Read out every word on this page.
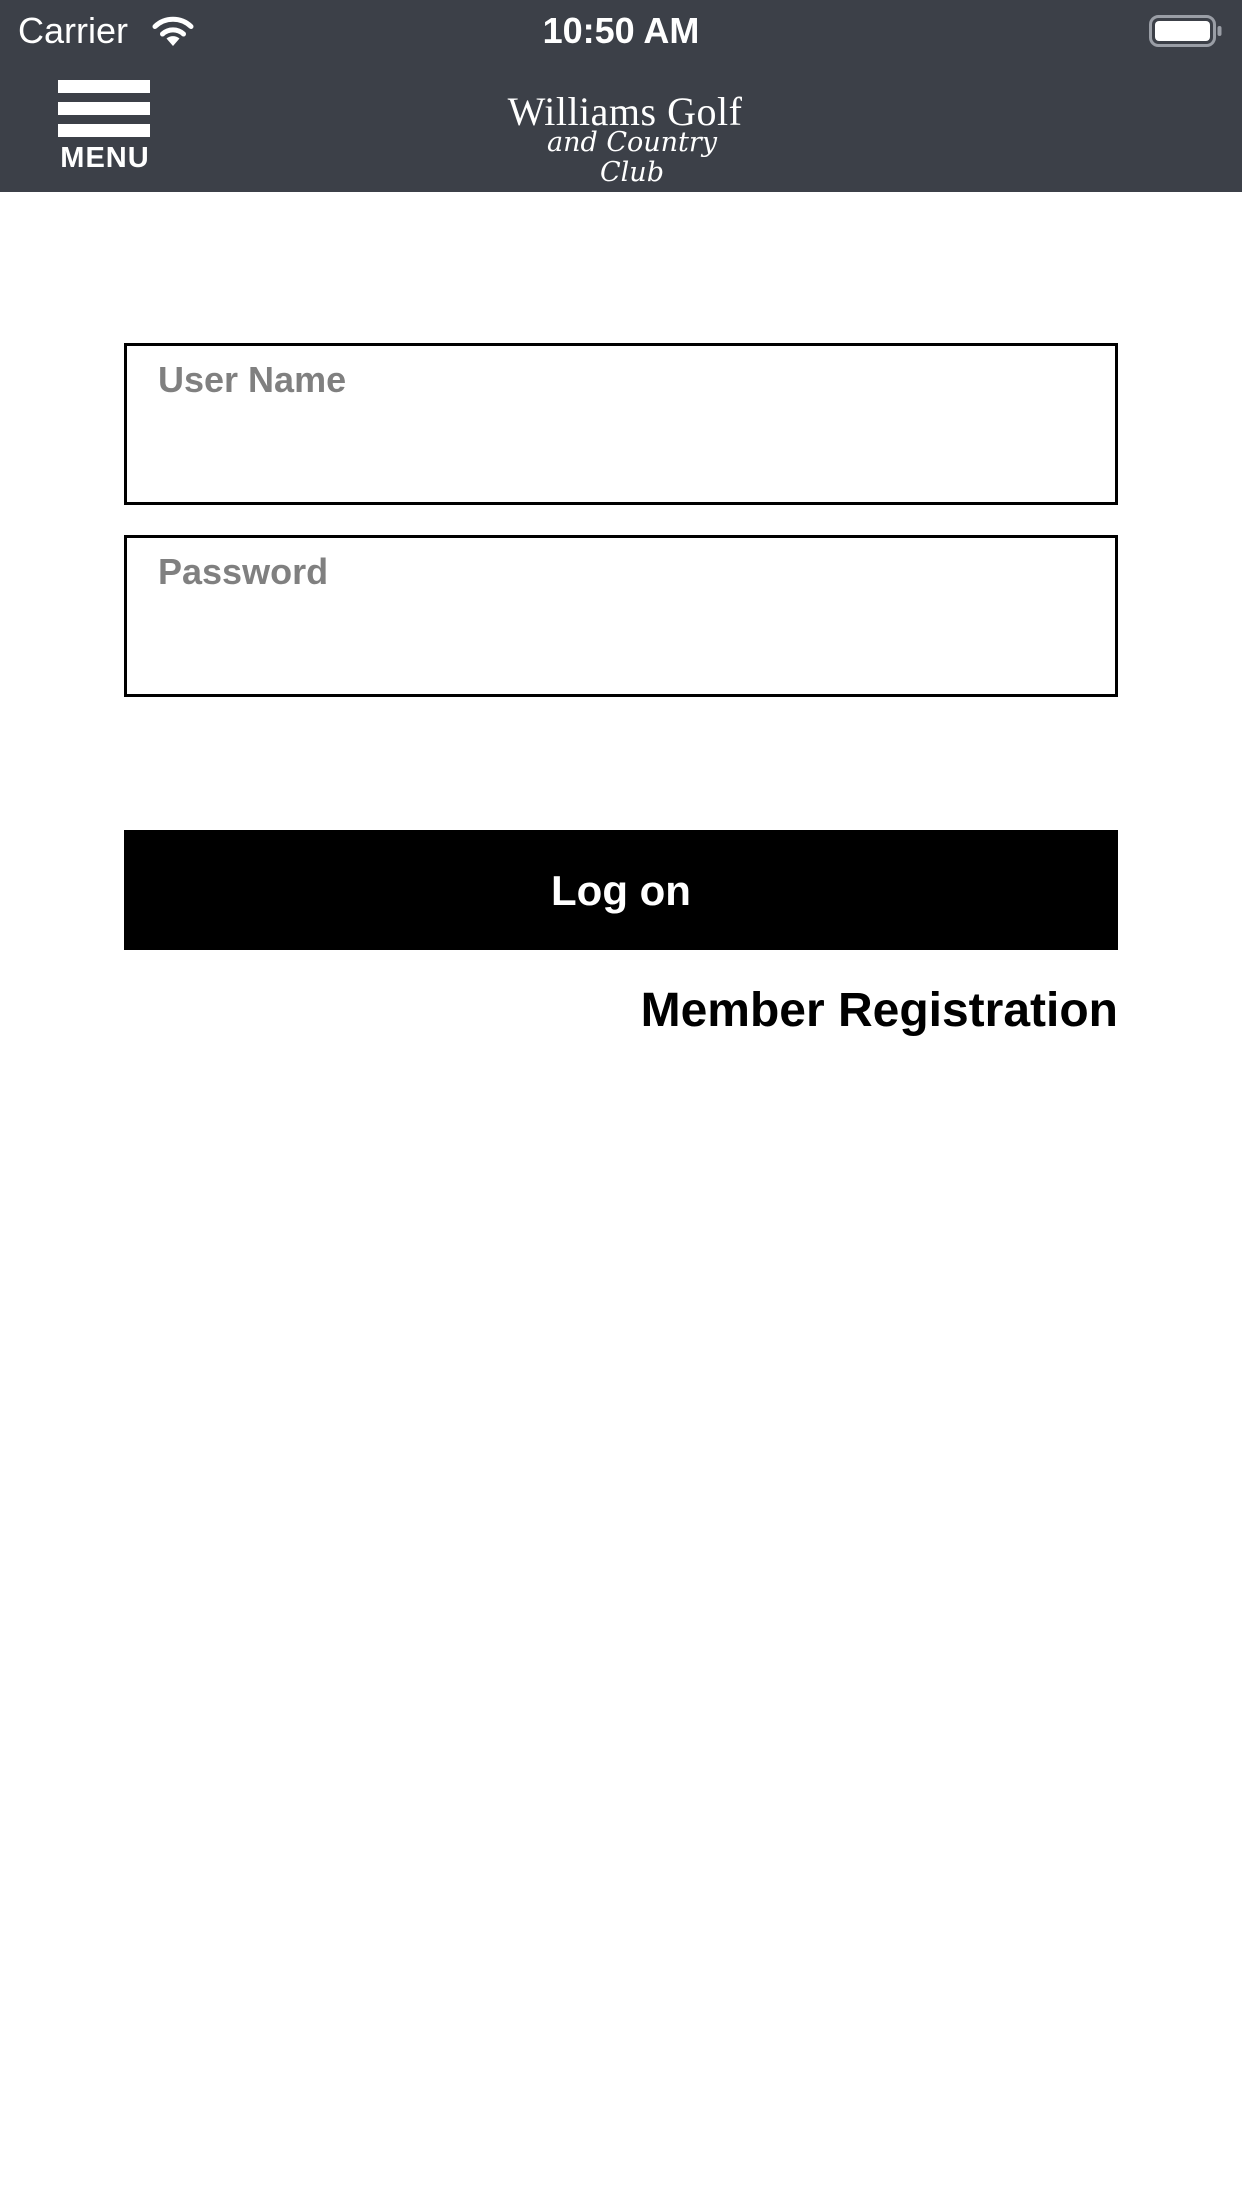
Carrier	10:50 AM
MENU
Williams Golf
and Country Club
User Name
Password
Log on
Member Registration
